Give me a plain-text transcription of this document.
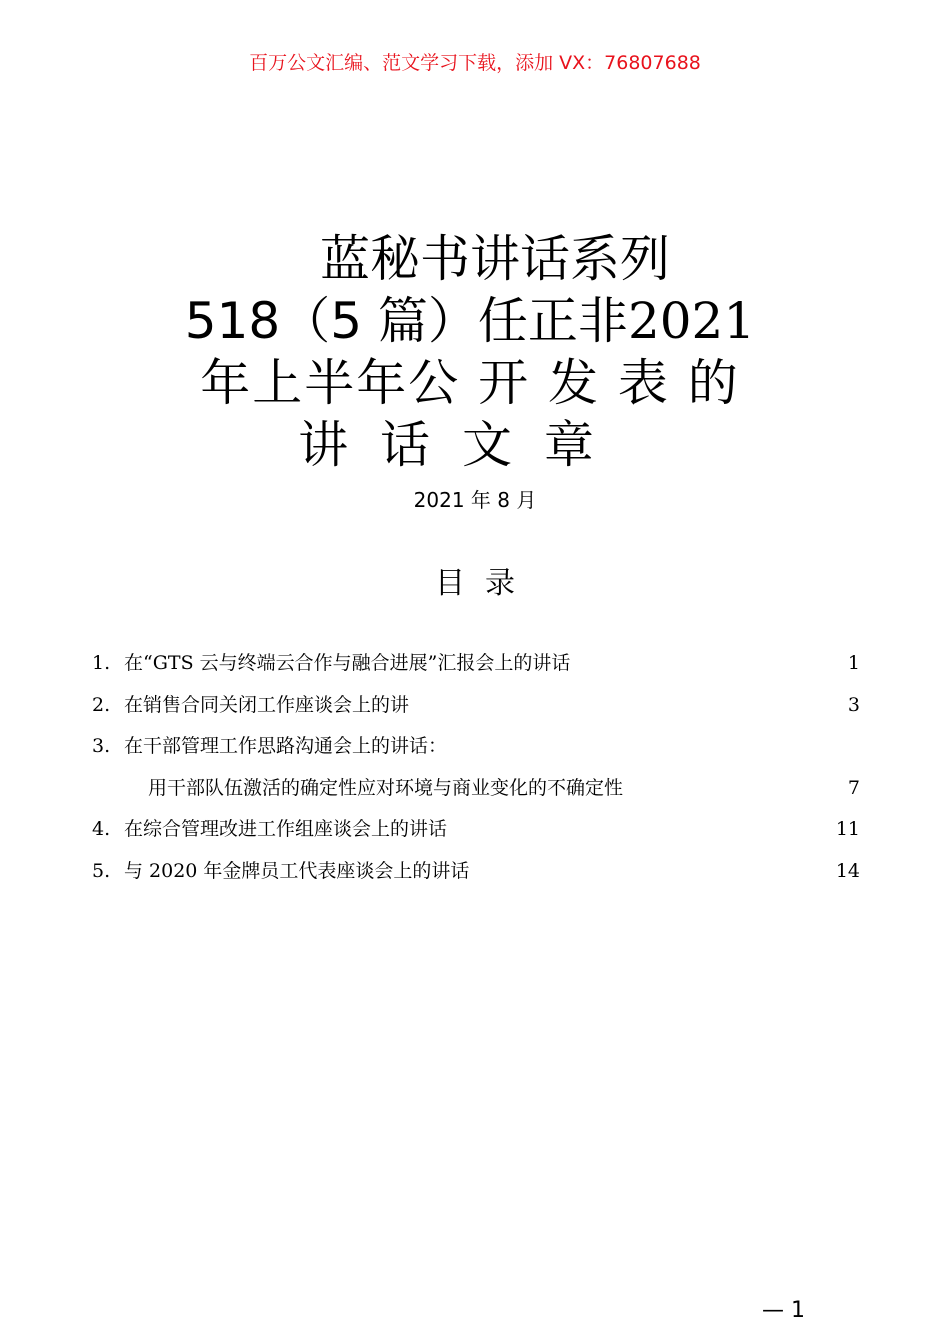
百万公文汇编、范文学习下载，添加 VX：76807688
蓝秘书讲话系列
518（5 篇）任正非2021
年上半年公 开 发 表 的
讲 话 文 章
2021 年 8 月
目录
1. 在“GTS 云与终端云合作与融合进展”汇报会上的讲话	1
2. 在销售合同关闭工作座谈会上的讲	3
3. 在干部管理工作思路沟通会上的讲话：
用干部队伍激活的确定性应对环境与商业变化的不确定性	7
4. 在综合管理改进工作组座谈会上的讲话	11
5. 与 2020 年金牌员工代表座谈会上的讲话	14
— 1
